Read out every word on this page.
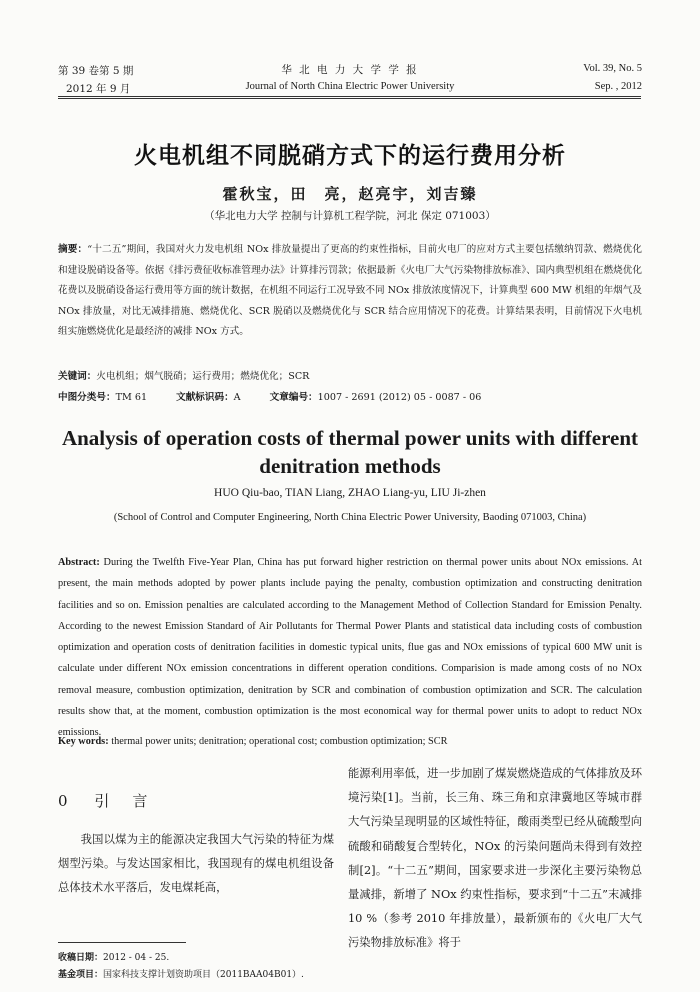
第 39 卷第 5 期
2012 年 9 月
华 北 电 力 大 学 学 报
Journal of North China Electric Power University
Vol. 39, No. 5
Sep. , 2012
火电机组不同脱硝方式下的运行费用分析
霍秋宝，田　亮，赵亮宇，刘吉臻
（华北电力大学 控制与计算机工程学院，河北 保定 071003）
摘要：“十二五”期间，我国对火力发电机组 NOx 排放量提出了更高的约束性指标，目前火电厂的应对方式主要包括缴纳罚款、燃烧优化和建设脱硝设备等。依据《排污费征收标准管理办法》计算排污罚款；依据最新《火电厂大气污染物排放标准》、国内典型机组在燃烧优化花费以及脱硝设备运行费用等方面的统计数据，在机组不同运行工况导致不同 NOx 排放浓度情况下，计算典型 600 MW 机组的年烟气及 NOx 排放量，对比无减排措施、燃烧优化、SCR 脱硝以及燃烧优化与 SCR 结合应用情况下的花费。计算结果表明，目前情况下火电机组实施燃烧优化是最经济的减排 NOx 方式。
关键词：火电机组；烟气脱硝；运行费用；燃烧优化；SCR
中图分类号：TM 61	文献标识码：A	文章编号：1007 - 2691 (2012) 05 - 0087 - 06
Analysis of operation costs of thermal power units with different denitration methods
HUO Qiu-bao, TIAN Liang, ZHAO Liang-yu, LIU Ji-zhen
(School of Control and Computer Engineering, North China Electric Power University, Baoding 071003, China)
Abstract: During the Twelfth Five-Year Plan, China has put forward higher restriction on thermal power units about NOx emissions. At present, the main methods adopted by power plants include paying the penalty, combustion optimization and constructing denitration facilities and so on. Emission penalties are calculated according to the Management Method of Collection Standard for Emission Penalty. According to the newest Emission Standard of Air Pollutants for Thermal Power Plants and statistical data including costs of combustion optimization and operation costs of denitration facilities in domestic typical units, flue gas and NOx emissions of typical 600 MW unit is calculate under different NOx emission concentrations in different operation conditions. Comparision is made among costs of no NOx removal measure, combustion optimization, denitration by SCR and combination of combustion optimization and SCR. The calculation results show that, at the moment, combustion optimization is the most economical way for thermal power units to adopt to reduct NOx emissions.
Key words: thermal power units; denitration; operational cost; combustion optimization; SCR
0 引　言
我国以煤为主的能源决定我国大气污染的特征为煤烟型污染。与发达国家相比，我国现有的煤电机组设备总体技术水平落后，发电煤耗高，
能源利用率低，进一步加剧了煤炭燃烧造成的气体排放及环境污染[1]。当前，长三角、珠三角和京津冀地区等城市群大气污染呈现明显的区域性特征，酸雨类型已经从硫酸型向硫酸和硝酸复合型转化，NOx 的污染问题尚未得到有效控制[2]。“十二五”期间，国家要求进一步深化主要污染物总量减排，新增了 NOx 约束性指标，要求到“十二五”末减排 10 %（参考 2010 年排放量），最新颁布的《火电厂大气污染物排放标准》将于
收稿日期：2012 - 04 - 25.
基金项目：国家科技支撑计划资助项目（2011BAA04B01）.
